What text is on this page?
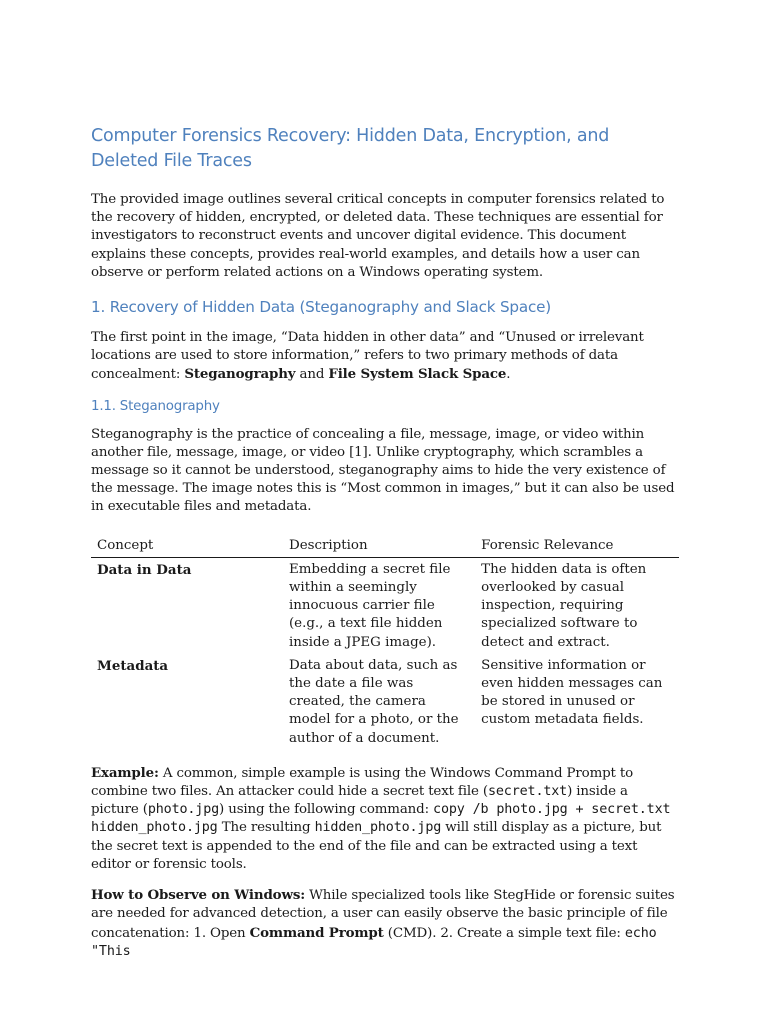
Computer Forensics Recovery: Hidden Data, Encryption, and Deleted File Traces

The provided image outlines several critical concepts in computer forensics related to the recovery of hidden, encrypted, or deleted data. These techniques are essential for investigators to reconstruct events and uncover digital evidence. This document explains these concepts, provides real-world examples, and details how a user can observe or perform related actions on a Windows operating system.

1. Recovery of Hidden Data (Steganography and Slack Space)

The first point in the image, “Data hidden in other data” and “Unused or irrelevant locations are used to store information,” refers to two primary methods of data concealment: Steganography and File System Slack Space.

1.1. Steganography

Steganography is the practice of concealing a file, message, image, or video within another file, message, image, or video [1]. Unlike cryptography, which scrambles a message so it cannot be understood, steganography aims to hide the very existence of the message. The image notes this is “Most common in images,” but it can also be used in executable files and metadata.

Concept	Description	Forensic Relevance
Data in Data	Embedding a secret file within a seemingly innocuous carrier file (e.g., a text file hidden inside a JPEG image).	The hidden data is often overlooked by casual inspection, requiring specialized software to detect and extract.
Metadata	Data about data, such as the date a file was created, the camera model for a photo, or the author of a document.	Sensitive information or even hidden messages can be stored in unused or custom metadata fields.

Example: A common, simple example is using the Windows Command Prompt to combine two files. An attacker could hide a secret text file (secret.txt) inside a picture (photo.jpg) using the following command: copy /b photo.jpg + secret.txt hidden_photo.jpg The resulting hidden_photo.jpg will still display as a picture, but the secret text is appended to the end of the file and can be extracted using a text editor or forensic tools.

How to Observe on Windows: While specialized tools like StegHide or forensic suites are needed for advanced detection, a user can easily observe the basic principle of file concatenation: 1. Open Command Prompt (CMD). 2. Create a simple text file: echo "This
